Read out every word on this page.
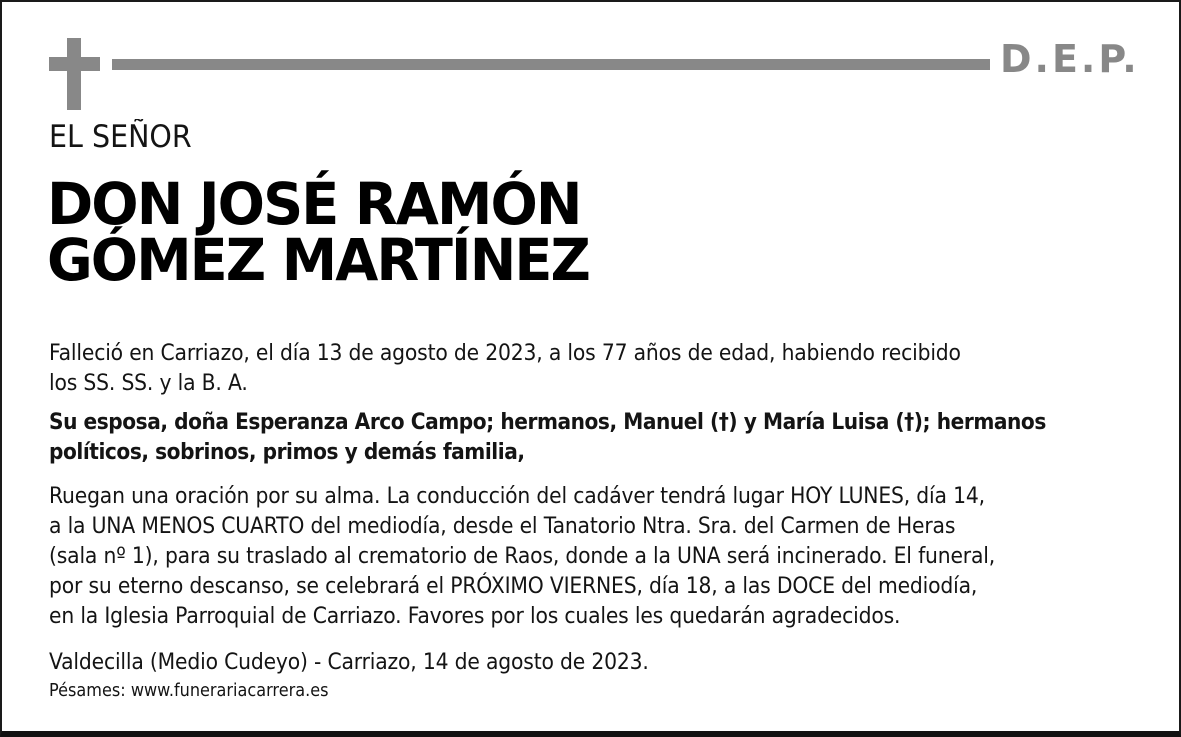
D.E.P.
EL SEÑOR
DON JOSÉ RAMÓN
GÓMEZ MARTÍNEZ
Falleció en Carriazo, el día 13 de agosto de 2023, a los 77 años de edad, habiendo recibido
los SS. SS. y la B. A.
Su esposa, doña Esperanza Arco Campo; hermanos, Manuel (†) y María Luisa (†); hermanos
políticos, sobrinos, primos y demás familia,
Ruegan una oración por su alma. La conducción del cadáver tendrá lugar HOY LUNES, día 14,
a la UNA MENOS CUARTO del mediodía, desde el Tanatorio Ntra. Sra. del Carmen de Heras
(sala nº 1), para su traslado al crematorio de Raos, donde a la UNA será incinerado. El funeral,
por su eterno descanso, se celebrará el PRÓXIMO VIERNES, día 18, a las DOCE del mediodía,
en la Iglesia Parroquial de Carriazo. Favores por los cuales les quedarán agradecidos.
Valdecilla (Medio Cudeyo) - Carriazo, 14 de agosto de 2023.
Pésames: www.funerariacarrera.es
